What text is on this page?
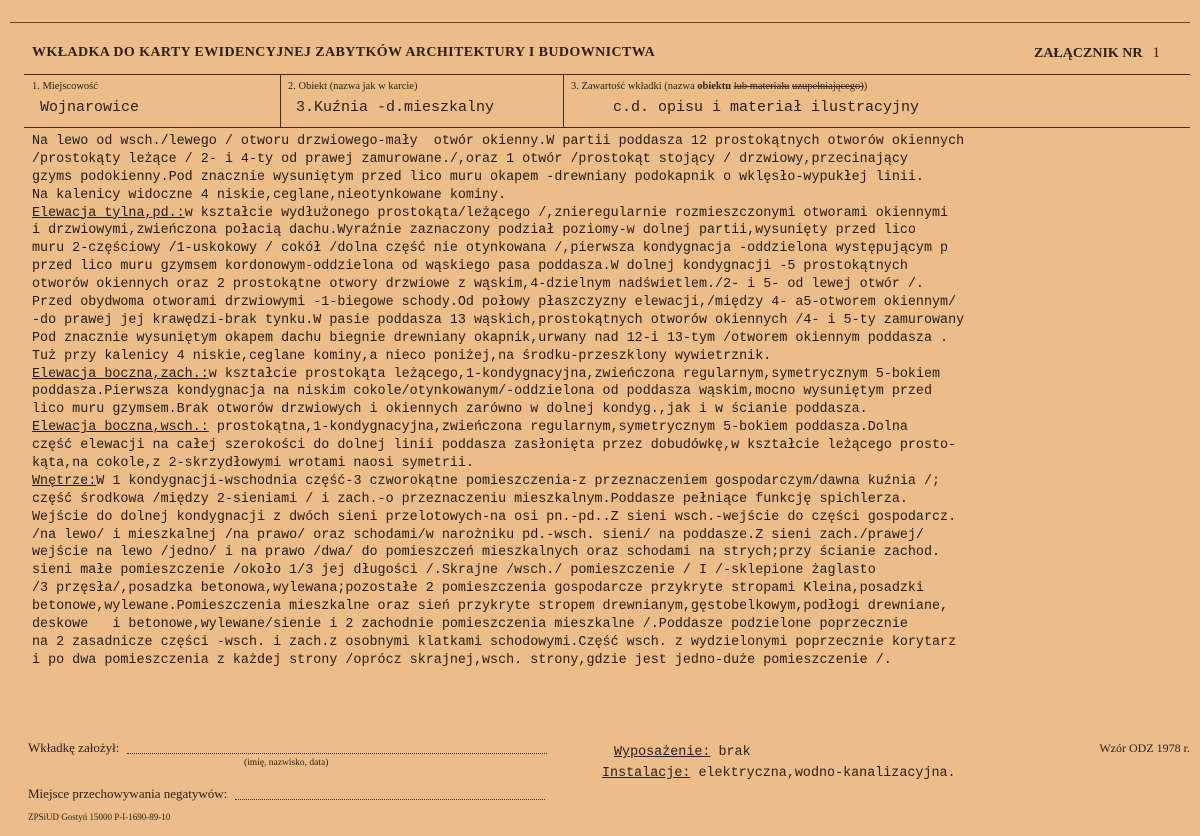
WKŁADKA DO KARTY EWIDENCYJNEJ ZABYTKÓW ARCHITEKTURY I BUDOWNICTWA	ZAŁĄCZNIK NR 1
1. Miejscowość
Wojnarowice
2. Obiekt (nazwa jak w karcie)
3.Kuźnia -d.mieszkalny
3. Zawartość wkładki (nazwa obiektu lub materiału uzupełniającego))
c.d. opisu i materiał ilustracyjny
Na lewo od wsch./lewego / otworu drzwiowego-mały  otwór okienny.W partii poddasza 12 prostokątnych otworów okiennych
/prostokąty leżące / 2- i 4-ty od prawej zamurowane./,oraz 1 otwór /prostokąt stojący / drzwiowy,przecinający
gzyms podokienny.Pod znacznie wysuniętym przed lico muru okapem -drewniany podokapnik o wklęsło-wypukłej linii.
Na kalenicy widoczne 4 niskie,ceglane,nieotynkowane kominy.
Elewacja tylna,pd.:w kształcie wydłużonego prostokąta/leżącego /,znieregularnie rozmieszczonymi otworami okiennymi
i drzwiowymi,zwieńczona połacią dachu.Wyraźnie zaznaczony podział poziomy-w dolnej partii,wysunięty przed lico
muru 2-częściowy /1-uskokowy / cokół /dolna część nie otynkowana /,pierwsza kondygnacja -oddzielona występującym p
przed lico muru gzymsem kordonowym-oddzielona od wąskiego pasa poddasza.W dolnej kondygnacji -5 prostokątnych
otworów okiennych oraz 2 prostokątne otwory drzwiowe z wąskim,4-dzielnym nadświetlem./2- i 5- od lewej otwór /.
Przed obydwoma otworami drzwiowymi -1-biegowe schody.Od połowy płaszczyzny elewacji,/między 4- a5-otworem okiennym/
-do prawej jej krawędzi-brak tynku.W pasie poddasza 13 wąskich,prostokątnych otworów okiennych /4- i 5-ty zamurowany
Pod znacznie wysuniętym okapem dachu biegnie drewniany okapnik,urwany nad 12-i 13-tym /otworem okiennym poddasza .
Tuż przy kalenicy 4 niskie,ceglane kominy,a nieco poniżej,na środku-przeszklony wywietrznik.
Elewacja boczna,zach.:w kształcie prostokąta leżącego,1-kondygnacyjna,zwieńczona regularnym,symetrycznym 5-bokiem
poddasza.Pierwsza kondygnacja na niskim cokole/otynkowanym/-oddzielona od poddasza wąskim,mocno wysuniętym przed
lico muru gzymsem.Brak otworów drzwiowych i okiennych zarówno w dolnej kondyg.,jak i w ścianie poddasza.
Elewacja boczna,wsch.: prostokątna,1-kondygnacyjna,zwieńczona regularnym,symetrycznym 5-bokiem poddasza.Dolna
część elewacji na całej szerokości do dolnej linii poddasza zasłonięta przez dobudówkę,w kształcie leżącego prosto-
kąta,na cokole,z 2-skrzydłowymi wrotami naosi symetrii.
Wnętrze:W 1 kondygnacji-wschodnia część-3 czworokątne pomieszczenia-z przeznaczeniem gospodarczym/dawna kuźnia /;
część środkowa /między 2-sieniami / i zach.-o przeznaczeniu mieszkalnym.Poddasze pełniące funkcję spichlerza.
Wejście do dolnej kondygnacji z dwóch sieni przelotowych-na osi pn.-pd..Z sieni wsch.-wejście do części gospodarcz.
/na lewo/ i mieszkalnej /na prawo/ oraz schodami/w narożniku pd.-wsch. sieni/ na poddasze.Z sieni zach./prawej/
wejście na lewo /jedno/ i na prawo /dwa/ do pomieszczeń mieszkalnych oraz schodami na strych;przy ścianie zachod.
sieni małe pomieszczenie /około 1/3 jej długości /.Skrajne /wsch./ pomieszczenie / I /-sklepione żaglasto
/3 przęsła/,posadzka betonowa,wylewana;pozostałe 2 pomieszczenia gospodarcze przykryte stropami Kleina,posadzki
betonowe,wylewane.Pomieszczenia mieszkalne oraz sień przykryte stropem drewnianym,gęstobelkowym,podłogi drewniane,
deskowe   i betonowe,wylewane/sienie i 2 zachodnie pomieszczenia mieszkalne /.Poddasze podzielone poprzecznie
na 2 zasadnicze części -wsch. i zach.z osobnymi klatkami schodowymi.Część wsch. z wydzielonymi poprzecznie korytarz
i po dwa pomieszczenia z każdej strony /oprócz skrajnej,wsch. strony,gdzie jest jedno-duże pomieszczenie /.
Wkładkę założył:
(imię, nazwisko, data)
Wyposażenie: brak
Instalacje: elektryczna,wodno-kanalizacyjna.
Wzór ODZ 1978 r.
Miejsce przechowywania negatywów:
ZPSiUD Gostyń 15000 P-I-1690-89-10
